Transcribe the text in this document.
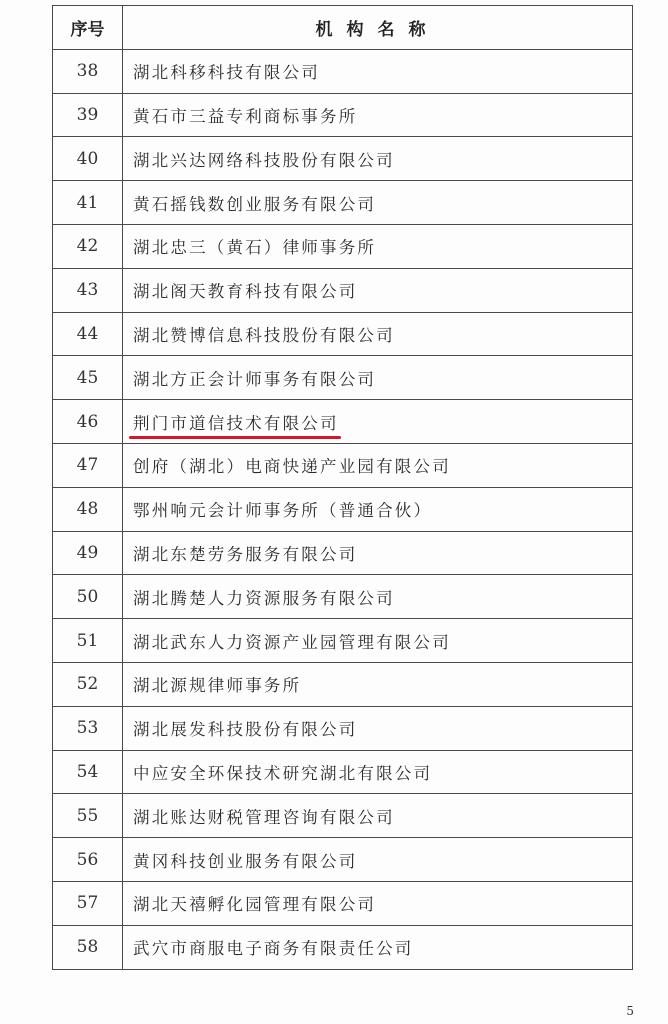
序号	机构名称
38	湖北科移科技有限公司
39	黄石市三益专利商标事务所
40	湖北兴达网络科技股份有限公司
41	黄石摇钱数创业服务有限公司
42	湖北忠三（黄石）律师事务所
43	湖北阁天教育科技有限公司
44	湖北赞博信息科技股份有限公司
45	湖北方正会计师事务有限公司
46	荆门市道信技术有限公司

47	创府（湖北）电商快递产业园有限公司
48	鄂州响元会计师事务所（普通合伙）
49	湖北东楚劳务服务有限公司
50	湖北腾楚人力资源服务有限公司
51	湖北武东人力资源产业园管理有限公司
52	湖北源规律师事务所
53	湖北展发科技股份有限公司
54	中应安全环保技术研究湖北有限公司
55	湖北账达财税管理咨询有限公司
56	黄冈科技创业服务有限公司
57	湖北天禧孵化园管理有限公司
58	武穴市商服电子商务有限责任公司
5
